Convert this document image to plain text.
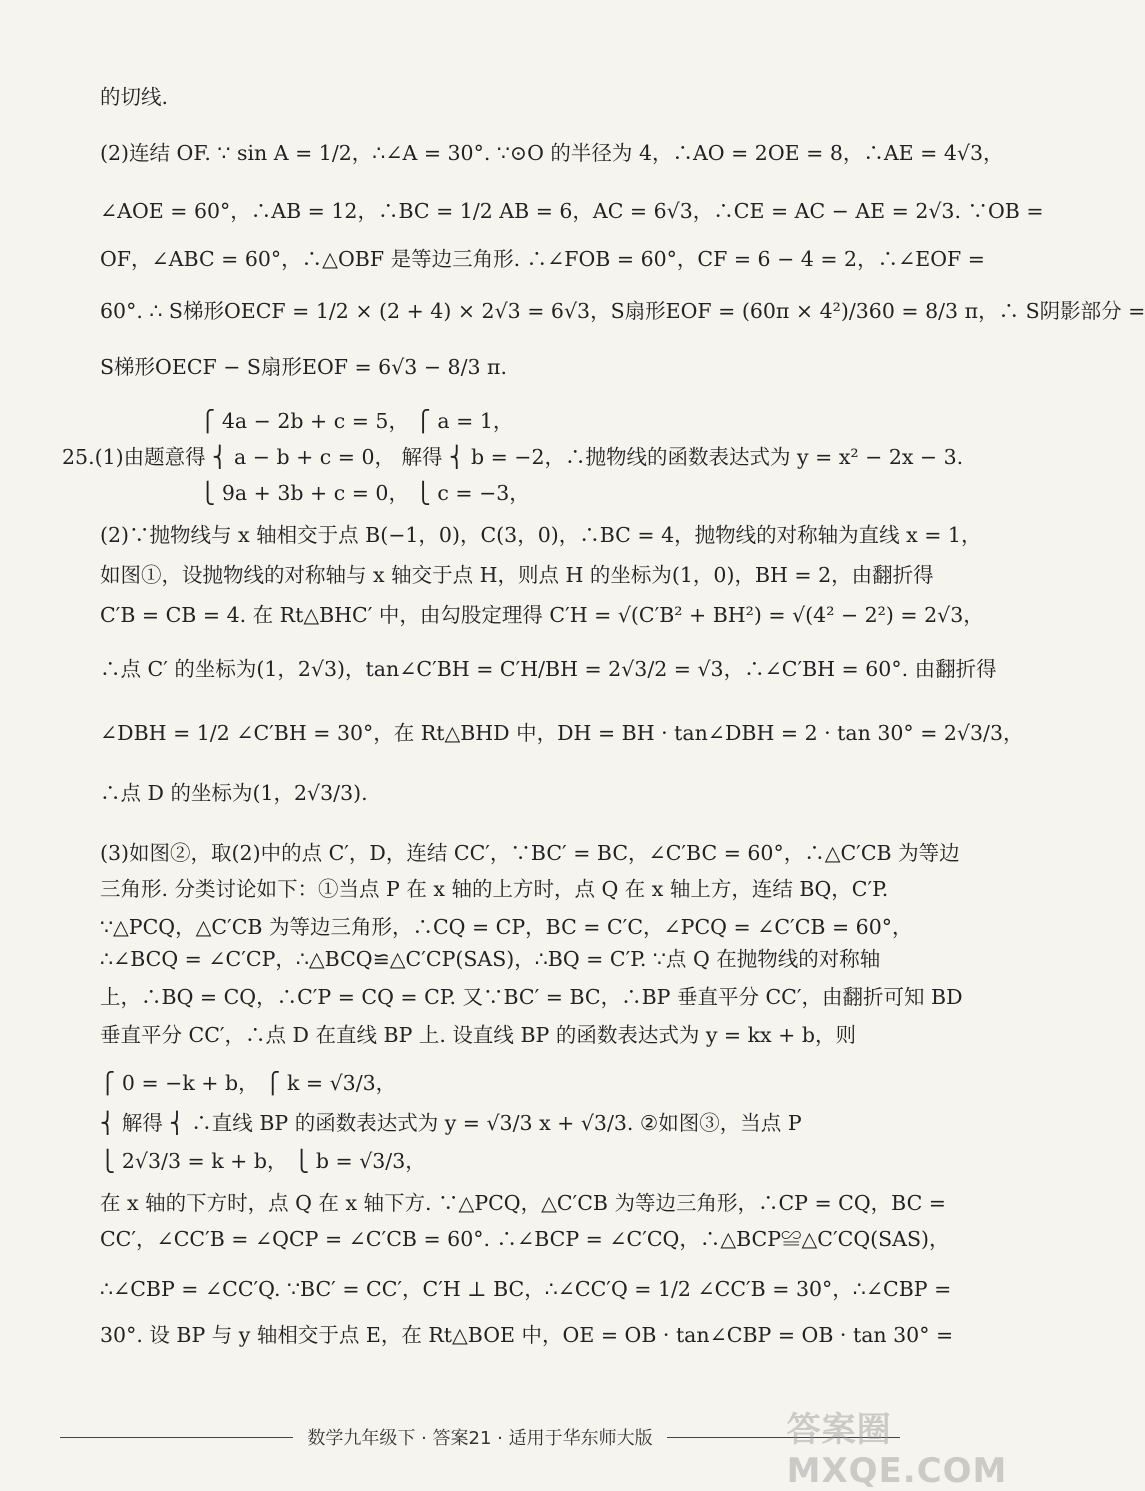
的切线.
(2)连结 OF. ∵ sin A = 1/2，∴∠A = 30°. ∵⊙O 的半径为 4，∴AO = 2OE = 8，∴AE = 4√3，
∠AOE = 60°，∴AB = 12，∴BC = 1/2 AB = 6，AC = 6√3，∴CE = AC − AE = 2√3. ∵OB =
OF，∠ABC = 60°，∴△OBF 是等边三角形. ∴∠FOB = 60°，CF = 6 − 4 = 2，∴∠EOF =
60°. ∴ S梯形OECF = 1/2 × (2 + 4) × 2√3 = 6√3，S扇形EOF = (60π × 4²)/360 = 8/3 π，∴ S阴影部分 =
S梯形OECF − S扇形EOF = 6√3 − 8/3 π.
⎧ 4a − 2b + c = 5， ⎧ a = 1，
25.(1)由题意得 ⎨ a − b + c = 0， 解得 ⎨ b = −2，∴抛物线的函数表达式为 y = x² − 2x − 3.
⎩ 9a + 3b + c = 0， ⎩ c = −3，
(2)∵抛物线与 x 轴相交于点 B(−1，0)，C(3，0)，∴BC = 4，抛物线的对称轴为直线 x = 1，
如图①，设抛物线的对称轴与 x 轴交于点 H，则点 H 的坐标为(1，0)，BH = 2，由翻折得
C′B = CB = 4. 在 Rt△BHC′ 中，由勾股定理得 C′H = √(C′B² + BH²) = √(4² − 2²) = 2√3，
∴点 C′ 的坐标为(1，2√3)，tan∠C′BH = C′H/BH = 2√3/2 = √3，∴∠C′BH = 60°. 由翻折得
∠DBH = 1/2 ∠C′BH = 30°，在 Rt△BHD 中，DH = BH · tan∠DBH = 2 · tan 30° = 2√3/3，
∴点 D 的坐标为(1，2√3/3).
(3)如图②，取(2)中的点 C′，D，连结 CC′，∵BC′ = BC，∠C′BC = 60°，∴△C′CB 为等边
三角形. 分类讨论如下：①当点 P 在 x 轴的上方时，点 Q 在 x 轴上方，连结 BQ，C′P.
∵△PCQ，△C′CB 为等边三角形，∴CQ = CP，BC = C′C，∠PCQ = ∠C′CB = 60°，
∴∠BCQ = ∠C′CP，∴△BCQ≌△C′CP(SAS)，∴BQ = C′P. ∵点 Q 在抛物线的对称轴
上，∴BQ = CQ，∴C′P = CQ = CP. 又∵BC′ = BC，∴BP 垂直平分 CC′，由翻折可知 BD
垂直平分 CC′，∴点 D 在直线 BP 上. 设直线 BP 的函数表达式为 y = kx + b，则
⎧ 0 = −k + b， ⎧ k = √3/3，
⎨ 解得 ⎨ ∴直线 BP 的函数表达式为 y = √3/3 x + √3/3. ②如图③，当点 P
⎩ 2√3/3 = k + b， ⎩ b = √3/3，
在 x 轴的下方时，点 Q 在 x 轴下方. ∵△PCQ，△C′CB 为等边三角形，∴CP = CQ，BC =
CC′，∠CC′B = ∠QCP = ∠C′CB = 60°. ∴∠BCP = ∠C′CQ，∴△BCP≌△C′CQ(SAS)，
∴∠CBP = ∠CC′Q. ∵BC′ = CC′，C′H ⊥ BC，∴∠CC′Q = 1/2 ∠CC′B = 30°，∴∠CBP =
30°. 设 BP 与 y 轴相交于点 E，在 Rt△BOE 中，OE = OB · tan∠CBP = OB · tan 30° =
数学九年级下 · 答案21 · 适用于华东师大版	答案圈 MXQE.COM
